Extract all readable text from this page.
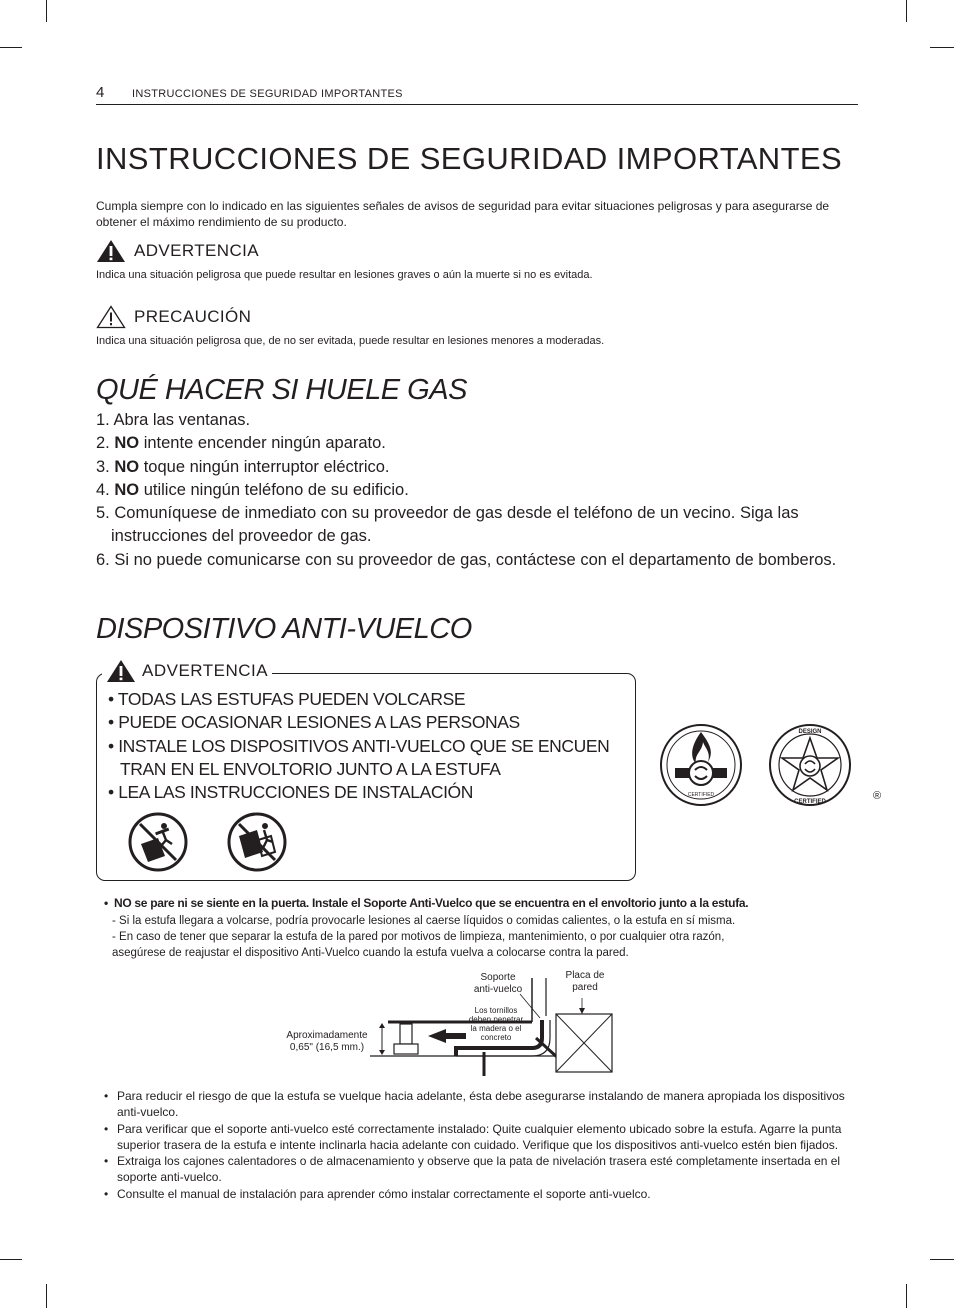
4	INSTRUCCIONES DE SEGURIDAD IMPORTANTES
INSTRUCCIONES DE SEGURIDAD IMPORTANTES
Cumpla siempre con lo indicado en las siguientes señales de avisos de seguridad para evitar situaciones peligrosas y para asegurarse de obtener el máximo rendimiento de su producto.
ADVERTENCIA
Indica una situación peligrosa que puede resultar en lesiones graves o aún la muerte si no es evitada.
PRECAUCIÓN
Indica una situación peligrosa que, de no ser evitada, puede resultar en lesiones menores a moderadas.
QUÉ HACER SI HUELE GAS
1. Abra las ventanas.
2. NO intente encender ningún aparato.
3. NO toque ningún interruptor eléctrico.
4. NO utilice ningún teléfono de su edificio.
5. Comuníquese de inmediato con su proveedor de gas desde el teléfono de un vecino. Siga las instrucciones del proveedor de gas.
6. Si no puede comunicarse con su proveedor de gas, contáctese con el departamento de bomberos.
DISPOSITIVO ANTI-VUELCO
ADVERTENCIA
• TODAS LAS ESTUFAS PUEDEN VOLCARSE
• PUEDE OCASIONAR LESIONES A LAS PERSONAS
• INSTALE LOS DISPOSITIVOS ANTI-VUELCO QUE SE ENCUEN TRAN EN EL ENVOLTORIO JUNTO A LA ESTUFA
• LEA LAS INSTRUCCIONES DE INSTALACIÓN	CERTIFIED
DESIGN
CERTIFIED	®
• NO se pare ni se siente en la puerta. Instale el Soporte Anti-Vuelco que se encuentra en el envoltorio junto a la estufa.
- Si la estufa llegara a volcarse, podría provocarle lesiones al caerse líquidos o comidas calientes, o la estufa en sí misma.
- En caso de tener que separar la estufa de la pared por motivos de limpieza, mantenimiento, o por cualquier otra razón,
asegúrese de reajustar el dispositivo Anti-Vuelco cuando la estufa vuelva a colocarse contra la pared.
Soporte
anti-vuelco
Placa de
pared
Los tornillos
deben penetrar
la madera o el
concreto
Aproximadamente
0,65" (16,5 mm.)
• Para reducir el riesgo de que la estufa se vuelque hacia adelante, ésta debe asegurarse instalando de manera apropiada los dispositivos anti-vuelco.
• Para verificar que el soporte anti-vuelco esté correctamente instalado: Quite cualquier elemento ubicado sobre la estufa. Agarre la punta superior trasera de la estufa e intente inclinarla hacia adelante con cuidado. Verifique que los dispositivos anti-vuelco estén bien fijados.
• Extraiga los cajones calentadores o de almacenamiento y observe que la pata de nivelación trasera esté completamente insertada en el soporte anti-vuelco.
• Consulte el manual de instalación para aprender cómo instalar correctamente el soporte anti-vuelco.
